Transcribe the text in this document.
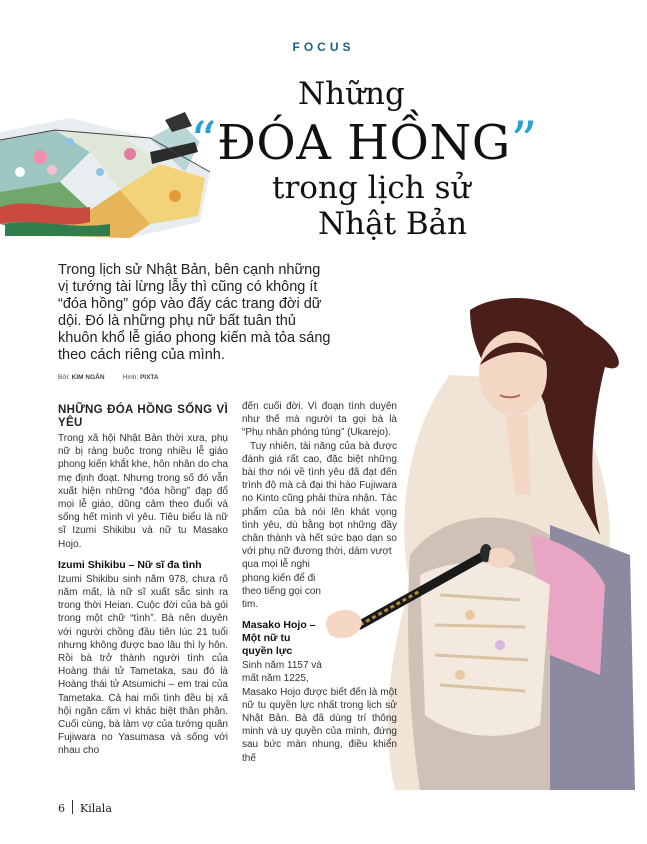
FOCUS
Những
“ĐÓA HỒNG”
trong lịch sử
Nhật Bản
Trong lịch sử Nhật Bản, bên cạnh những vị tướng tài lừng lẫy thì cũng có không ít “đóa hồng” góp vào đấy các trang đời dữ dội. Đó là những phụ nữ bất tuân thủ khuôn khổ lễ giáo phong kiến mà tỏa sáng theo cách riêng của mình.
Bởi: KIM NGÂN	Hình: PIXTA
NHỮNG ĐÓA HỒNG SỐNG VÌ YÊU

Trong xã hội Nhật Bản thời xưa, phụ nữ bị ràng buộc trong nhiều lễ giáo phong kiến khắt khe, hôn nhân do cha mẹ định đoạt. Nhưng trong số đó vẫn xuất hiện những “đóa hồng” đạp đổ mọi lễ giáo, dũng cảm theo đuổi và sống hết mình vì yêu. Tiêu biểu là nữ sĩ Izumi Shikibu và nữ tu Masako Hojo.

Izumi Shikibu – Nữ sĩ đa tình

Izumi Shikibu sinh năm 978, chưa rõ năm mất, là nữ sĩ xuất sắc sinh ra trong thời Heian. Cuộc đời của bà gói trong một chữ “tình”. Bà nên duyên với người chồng đầu tiên lúc 21 tuổi nhưng không được bao lâu thì ly hôn. Rồi bà trở thành người tình của Hoàng thái tử Tametaka, sau đó là Hoàng thái tử Atsumichi – em trai của Tametaka. Cả hai mối tình đều bị xã hội ngăn cấm vì khác biệt thân phận. Cuối cùng, bà làm vợ của tướng quân Fujiwara no Yasumasa và sống với nhau cho

đến cuối đời. Vì đoạn tình duyên như thế mà người ta gọi bà là “Phụ nhân phóng túng” (Ukarejo).

Tuy nhiên, tài năng của bà được đánh giá rất cao, đặc biệt những bài thơ nói về tình yêu đã đạt đến trình độ mà cả đại thi hào Fujiwara no Kinto cũng phải thừa nhận. Tác phẩm của bà nói lên khát vọng tình yêu, dù bằng bọt những đầy chân thành và hết sức bạo dạn so với phụ nữ đương thời, dám vượt

qua mọi lễ nghi phong kiến để đi theo tiếng gọi con tim.

Masako Hojo – Một nữ tu quyền lực

Sinh năm 1157 và mất năm 1225,

Masako Hojo được biết đến là một nữ tu quyền lực nhất trong lịch sử Nhật Bản. Bà đã dùng trí thông minh và uy quyền của mình, đứng sau bức màn nhung, điều khiển thế

6 Kilala
